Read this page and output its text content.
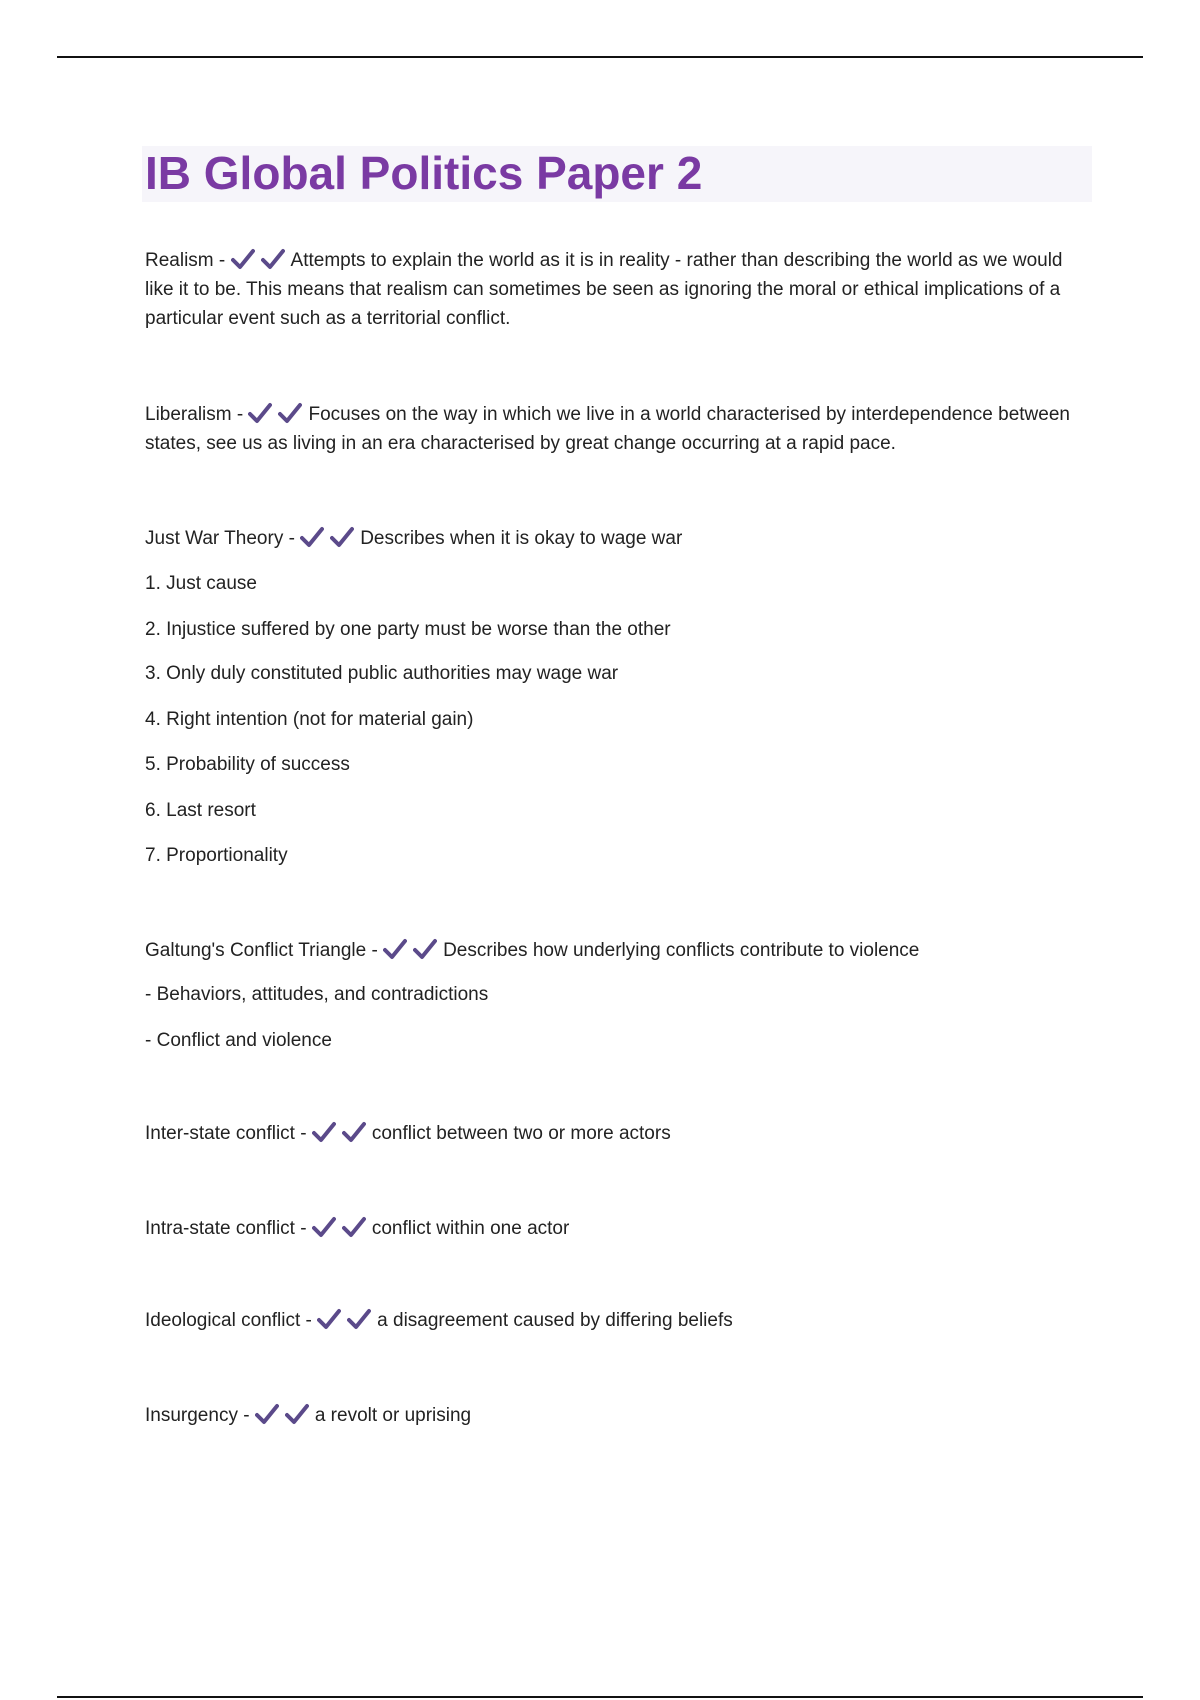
IB Global Politics Paper 2

Realism -	Attempts to explain the world as it is in reality - rather than describing the world as we would like it to be. This means that realism can sometimes be seen as ignoring the moral or ethical implications of a particular event such as a territorial conflict.

Liberalism -	Focuses on the way in which we live in a world characterised by interdependence between states, see us as living in an era characterised by great change occurring at a rapid pace.

Just War Theory -	Describes when it is okay to wage war

1. Just cause
2. Injustice suffered by one party must be worse than the other
3. Only duly constituted public authorities may wage war
4. Right intention (not for material gain)
5. Probability of success
6. Last resort
7. Proportionality

Galtung's Conflict Triangle -	Describes how underlying conflicts contribute to violence

- Behaviors, attitudes, and contradictions
- Conflict and violence

Inter-state conflict -	conflict between two or more actors

Intra-state conflict -	conflict within one actor

Ideological conflict -	a disagreement caused by differing beliefs

Insurgency -	a revolt or uprising
